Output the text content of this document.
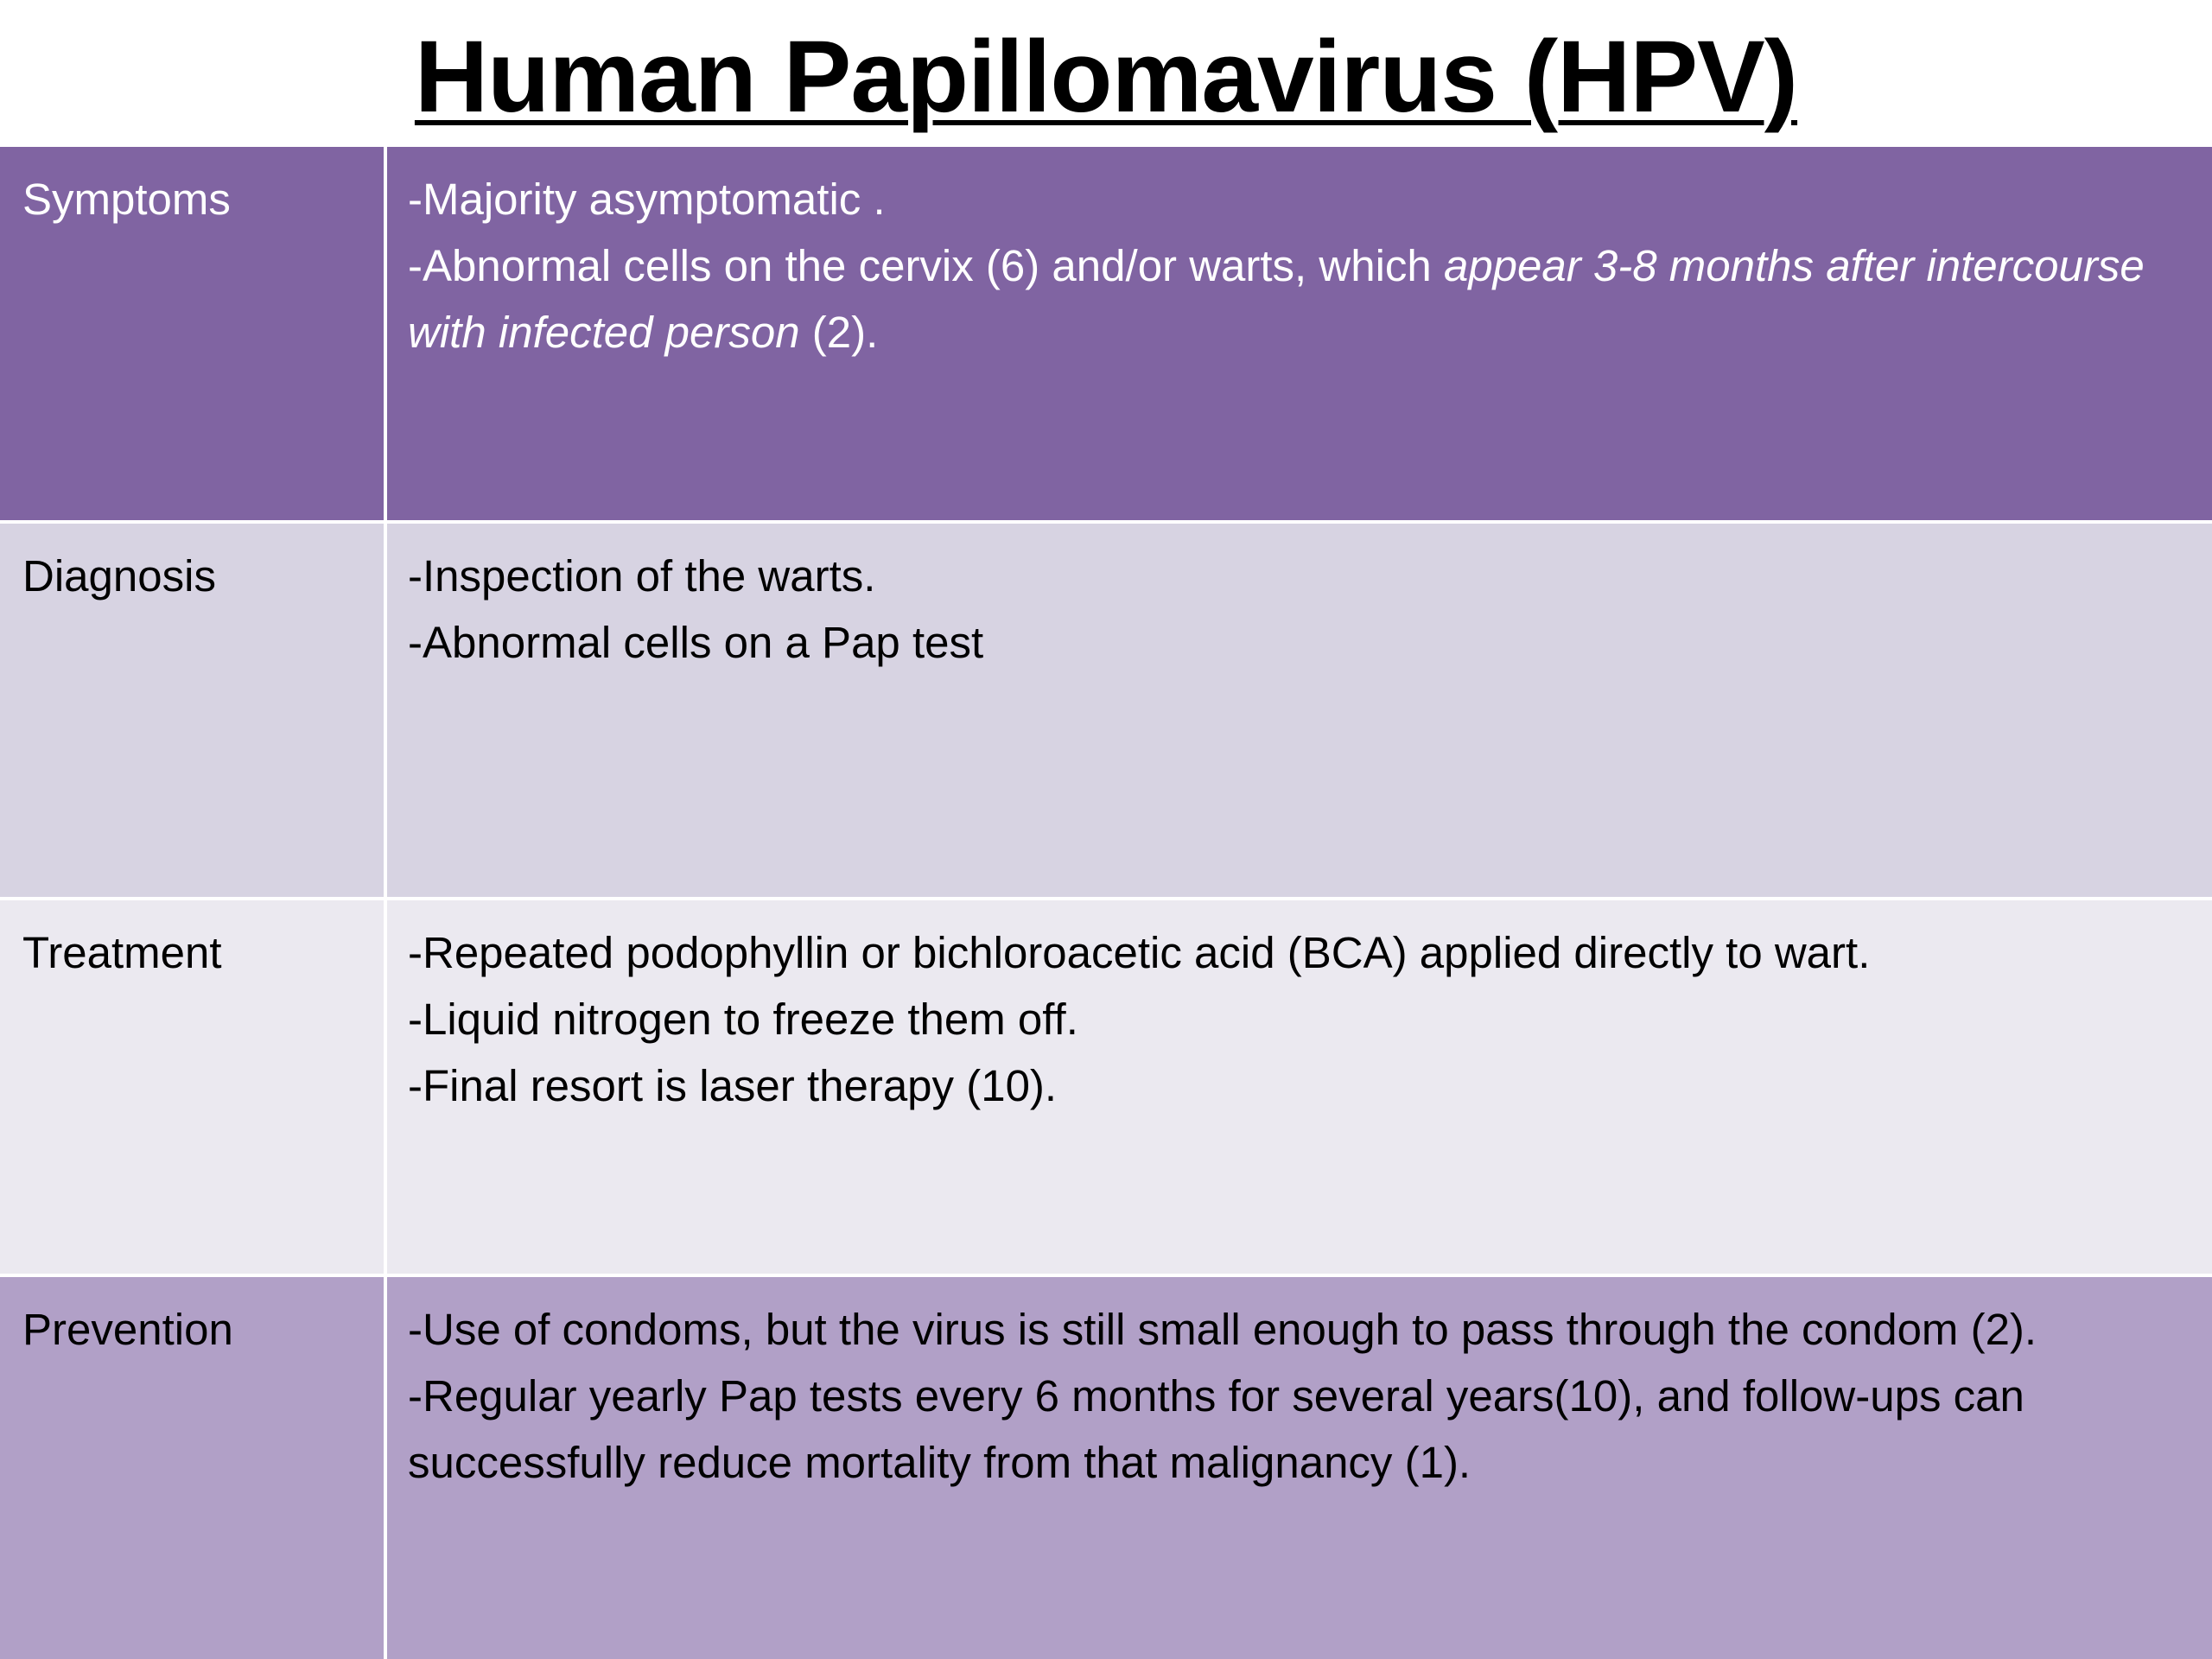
Human Papillomavirus (HPV)
Symptoms	-Majority asymptomatic .
-Abnormal cells on the cervix (6) and/or warts, which appear 3-8 months after intercourse with infected person (2).
Diagnosis	-Inspection of the warts.
-Abnormal cells on a Pap test
Treatment	-Repeated podophyllin or bichloroacetic acid (BCA) applied directly to wart.
-Liquid nitrogen to freeze them off.
-Final resort is laser therapy (10).
Prevention	-Use of condoms, but the virus is still small enough to pass through the condom (2).
-Regular yearly Pap tests every 6 months for several years(10), and follow-ups can successfully reduce mortality from that malignancy (1).
